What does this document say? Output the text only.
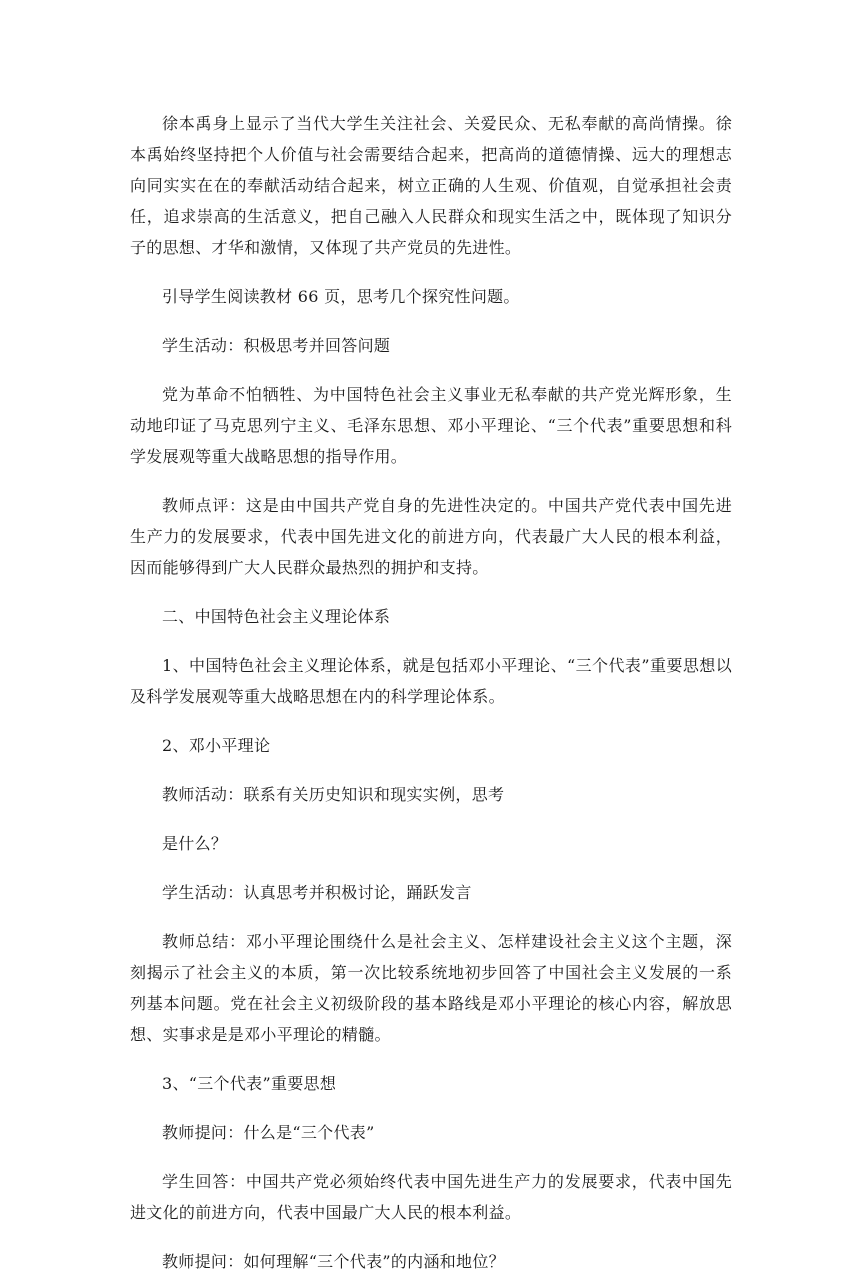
徐本禹身上显示了当代大学生关注社会、关爱民众、无私奉献的高尚情操。徐本禹始终坚持把个人价值与社会需要结合起来，把高尚的道德情操、远大的理想志向同实实在在的奉献活动结合起来，树立正确的人生观、价值观，自觉承担社会责任，追求崇高的生活意义，把自己融入人民群众和现实生活之中，既体现了知识分子的思想、才华和激情，又体现了共产党员的先进性。

引导学生阅读教材 66 页，思考几个探究性问题。

学生活动：积极思考并回答问题

党为革命不怕牺牲、为中国特色社会主义事业无私奉献的共产党光辉形象，生动地印证了马克思列宁主义、毛泽东思想、邓小平理论、“三个代表”重要思想和科学发展观等重大战略思想的指导作用。

教师点评：这是由中国共产党自身的先进性决定的。中国共产党代表中国先进生产力的发展要求，代表中国先进文化的前进方向，代表最广大人民的根本利益，因而能够得到广大人民群众最热烈的拥护和支持。

二、中国特色社会主义理论体系

1、中国特色社会主义理论体系，就是包括邓小平理论、“三个代表”重要思想以及科学发展观等重大战略思想在内的科学理论体系。

2、邓小平理论

教师活动：联系有关历史知识和现实实例，思考

是什么？

学生活动：认真思考并积极讨论，踊跃发言

教师总结：邓小平理论围绕什么是社会主义、怎样建设社会主义这个主题，深刻揭示了社会主义的本质，第一次比较系统地初步回答了中国社会主义发展的一系列基本问题。党在社会主义初级阶段的基本路线是邓小平理论的核心内容，解放思想、实事求是是邓小平理论的精髓。

3、“三个代表”重要思想

教师提问：什么是“三个代表”

学生回答：中国共产党必须始终代表中国先进生产力的发展要求，代表中国先进文化的前进方向，代表中国最广大人民的根本利益。

教师提问：如何理解“三个代表”的内涵和地位？
